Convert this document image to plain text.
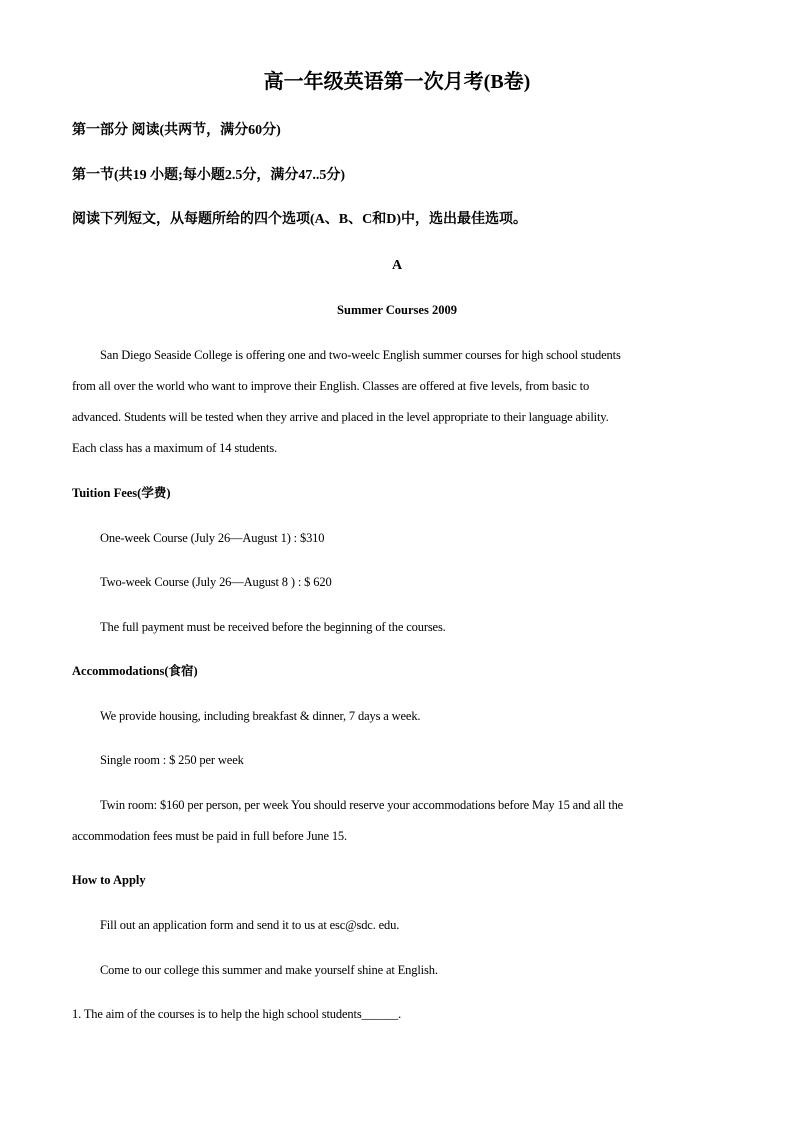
高一年级英语第一次月考(B卷)
第一部分 阅读(共两节，满分60分)
第一节(共19 小题;每小题2.5分，满分47..5分)
阅读下列短文，从每题所给的四个选项(A、B、C和D)中，选出最佳选项。
A
Summer Courses 2009
San Diego Seaside College is offering one and two-weelc English summer courses for high school students
from all over the world who want to improve their English. Classes are offered at five levels, from basic to
advanced. Students will be tested when they arrive and placed in the level appropriate to their language ability.
Each class has a maximum of 14 students.
Tuition Fees(学费)
One-week Course (July 26—August 1) : $310
Two-week Course (July 26—August 8 ) : $ 620
The full payment must be received before the beginning of the courses.
Accommodations(食宿)
We provide housing, including breakfast & dinner, 7 days a week.
Single room : $ 250 per week
Twin room: $160 per person, per week You should reserve your accommodations before May 15 and all the
accommodation fees must be paid in full before June 15.
How to Apply
Fill out an application form and send it to us at esc@sdc. edu.
Come to our college this summer and make yourself shine at English.
1. The aim of the courses is to help the high school students______.
